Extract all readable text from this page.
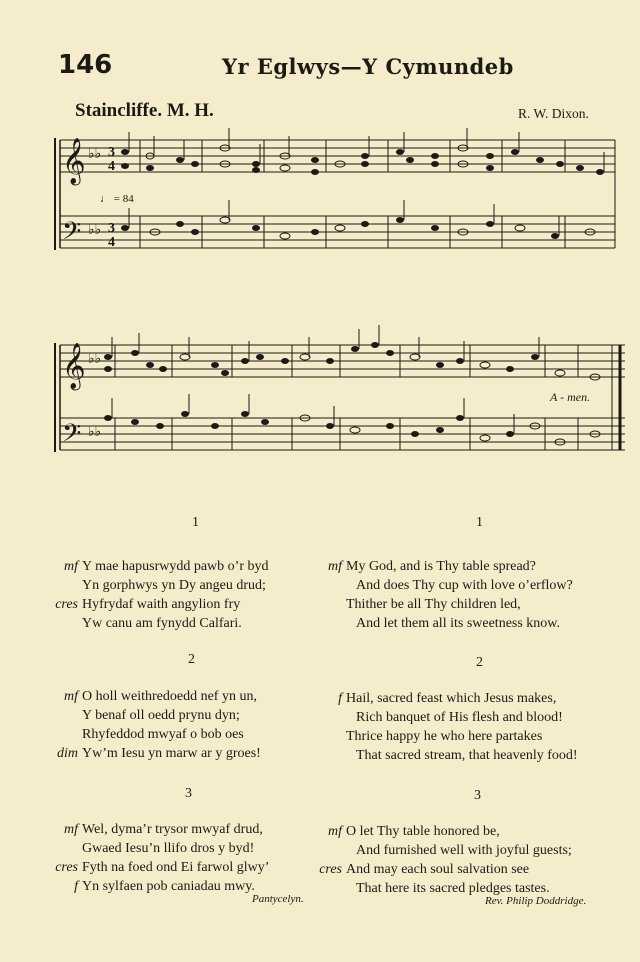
146	Yr Eglwys—Y Cymundeb
Staincliffe. M. H.	R. W. Dixon.
𝄞
𝄢
♭♭
♭♭
3
4
3
4
𝄞
𝄢
♭♭
♭♭
♩ = 84
A - men.
1
mf Y mae hapusrwydd pawb o’r byd
Yn gorphwys yn Dy angeu drud;
cres Hyfrydaf waith angylion fry
Yw canu am fynydd Calfari.
2
mf O holl weithredoedd nef yn un,
Y benaf oll oedd prynu dyn;
Rhyfeddod mwyaf o bob oes
dim Yw’m Iesu yn marw ar y groes!
3
mf Wel, dyma’r trysor mwyaf drud,
Gwaed Iesu’n llifo dros y byd!
cres Fyth na foed ond Ei farwol glwy’
f Yn sylfaen pob caniadau mwy.
Pantycelyn.
1
mf My God, and is Thy table spread?
And does Thy cup with love o’erflow?
Thither be all Thy children led,
And let them all its sweetness know.
2
f Hail, sacred feast which Jesus makes,
Rich banquet of His flesh and blood!
Thrice happy he who here partakes
That sacred stream, that heavenly food!
3
mf O let Thy table honored be,
And furnished well with joyful guests;
cres And may each soul salvation see
That here its sacred pledges tastes.
Rev. Philip Doddridge.
